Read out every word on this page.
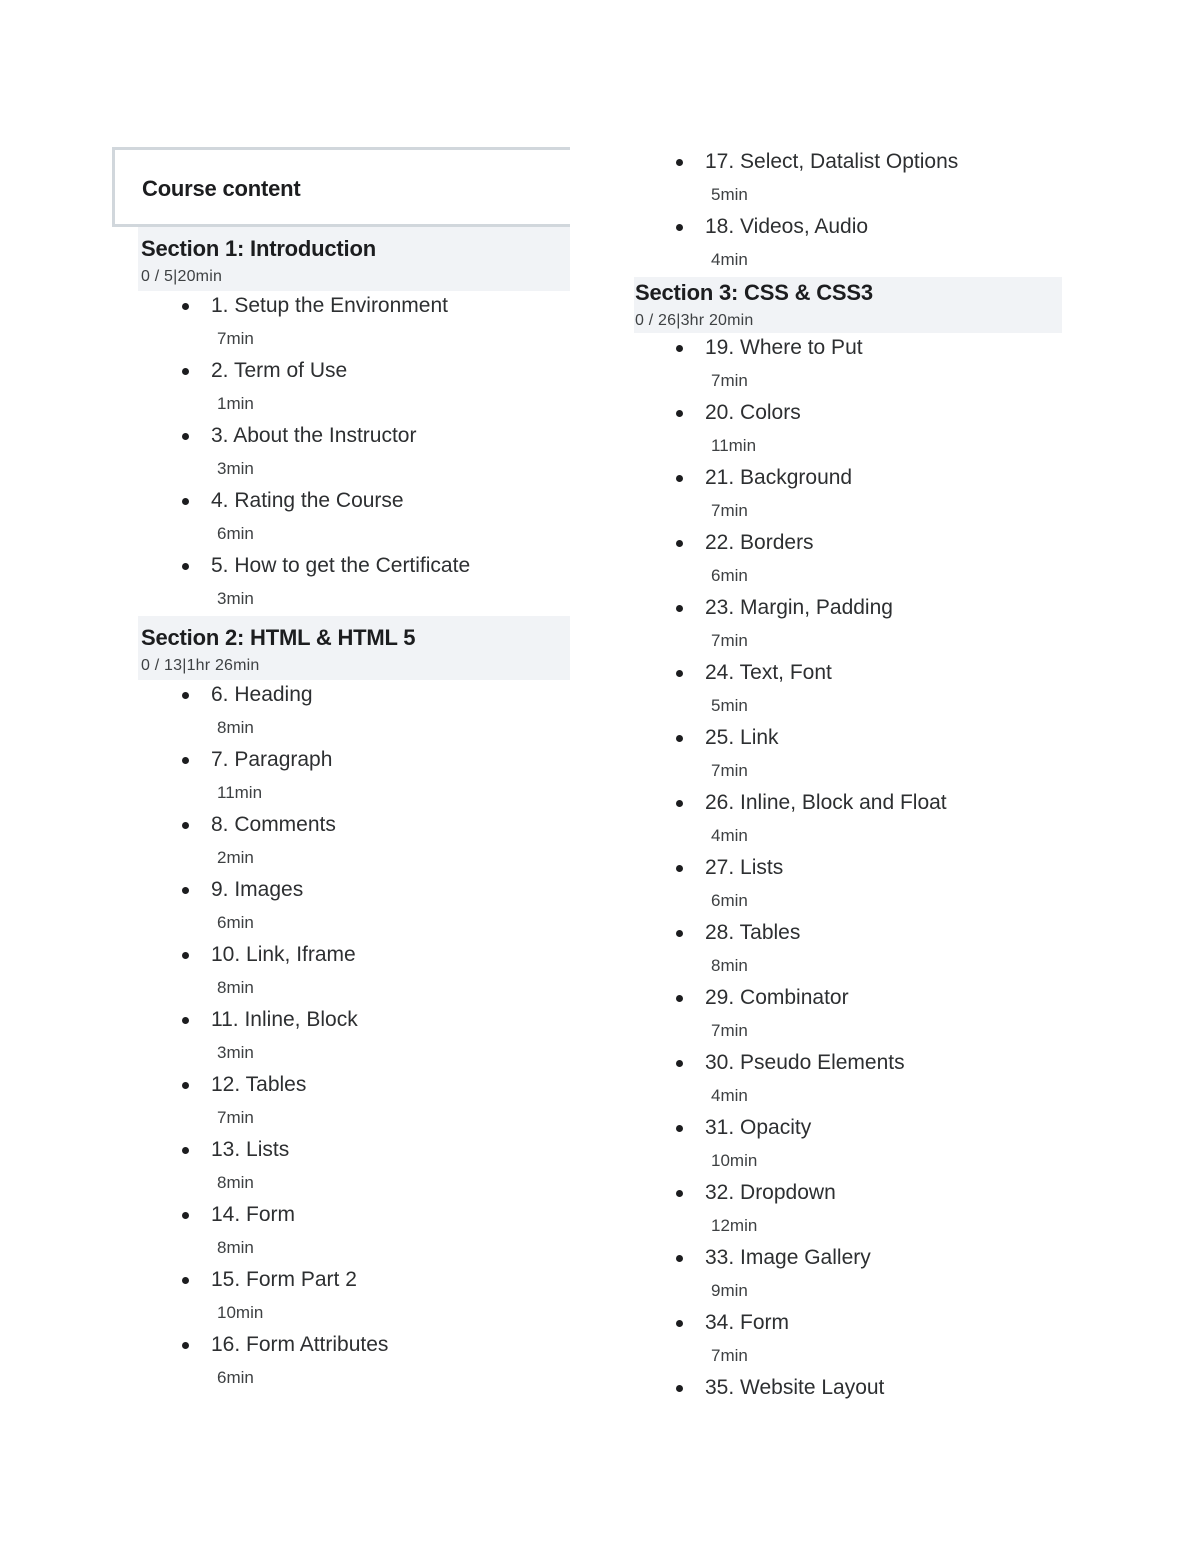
Course content
Section 1: Introduction
0 / 5|20min
1. Setup the Environment
7min
2. Term of Use
1min
3. About the Instructor
3min
4. Rating the Course
6min
5. How to get the Certificate
3min
Section 2: HTML & HTML 5
0 / 13|1hr 26min
6. Heading
8min
7. Paragraph
11min
8. Comments
2min
9. Images
6min
10. Link, Iframe
8min
11. Inline, Block
3min
12. Tables
7min
13. Lists
8min
14. Form
8min
15. Form Part 2
10min
16. Form Attributes
6min
17. Select, Datalist Options
5min
18. Videos, Audio
4min
Section 3: CSS & CSS3
0 / 26|3hr 20min
19. Where to Put
7min
20. Colors
11min
21. Background
7min
22. Borders
6min
23. Margin, Padding
7min
24. Text, Font
5min
25. Link
7min
26. Inline, Block and Float
4min
27. Lists
6min
28. Tables
8min
29. Combinator
7min
30. Pseudo Elements
4min
31. Opacity
10min
32. Dropdown
12min
33. Image Gallery
9min
34. Form
7min
35. Website Layout
